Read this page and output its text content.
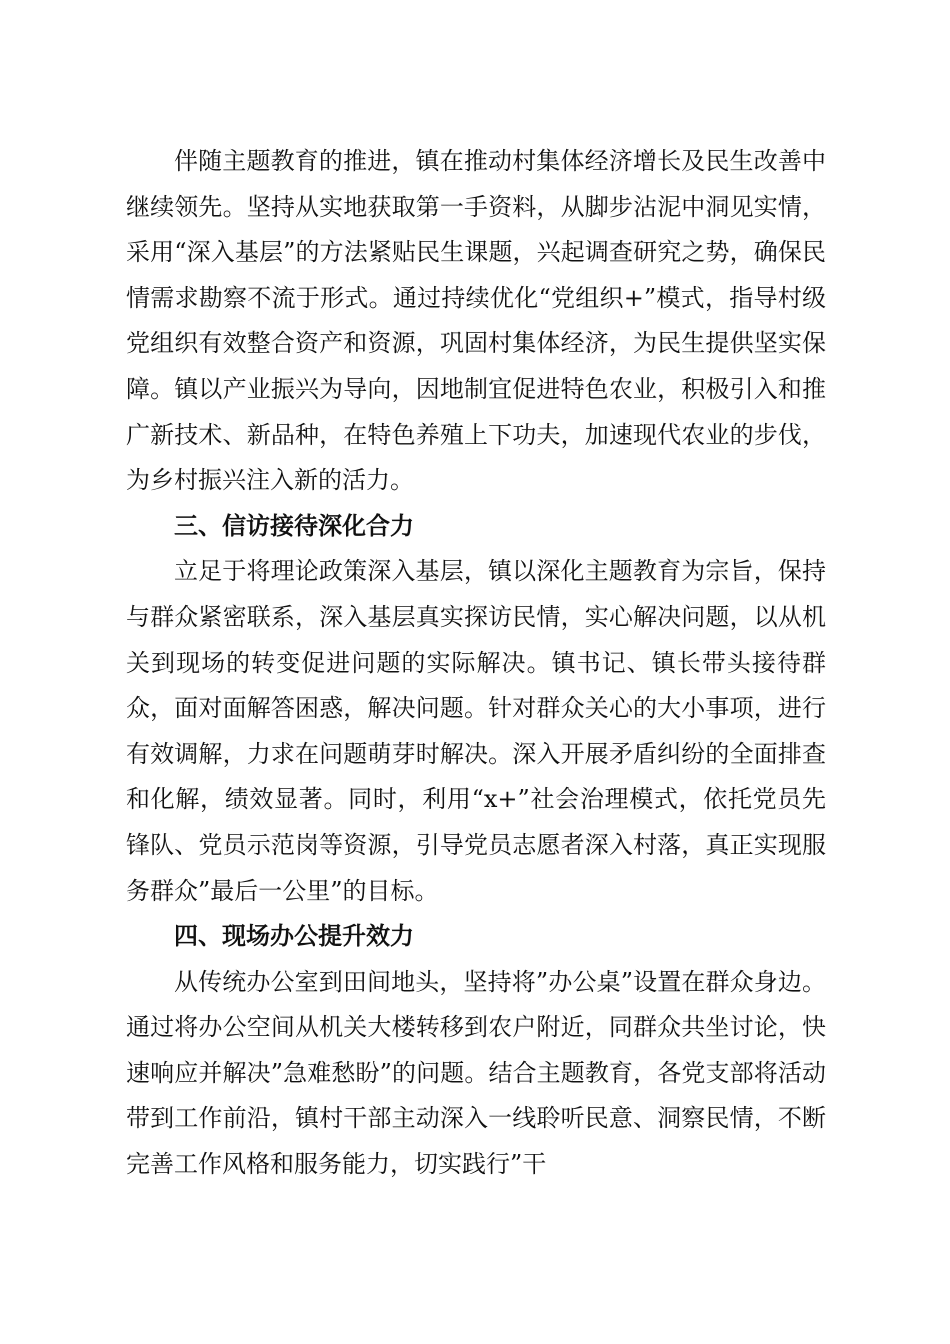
伴随主题教育的推进，镇在推动村集体经济增长及民生改善中继续领先。坚持从实地获取第一手资料，从脚步沾泥中洞见实情，采用“深入基层”的方法紧贴民生课题，兴起调查研究之势，确保民情需求勘察不流于形式。通过持续优化“党组织+”模式，指导村级党组织有效整合资产和资源，巩固村集体经济，为民生提供坚实保障。镇以产业振兴为导向，因地制宜促进特色农业，积极引入和推广新技术、新品种，在特色养殖上下功夫，加速现代农业的步伐，为乡村振兴注入新的活力。

三、信访接待深化合力

立足于将理论政策深入基层，镇以深化主题教育为宗旨，保持与群众紧密联系，深入基层真实探访民情，实心解决问题，以从机关到现场的转变促进问题的实际解决。镇书记、镇长带头接待群众，面对面解答困惑，解决问题。针对群众关心的大小事项，进行有效调解，力求在问题萌芽时解决。深入开展矛盾纠纷的全面排查和化解，绩效显著。同时，利用“x+”社会治理模式，依托党员先锋队、党员示范岗等资源，引导党员志愿者深入村落，真正实现服务群众”最后一公里”的目标。

四、现场办公提升效力

从传统办公室到田间地头，坚持将”办公桌”设置在群众身边。通过将办公空间从机关大楼转移到农户附近，同群众共坐讨论，快速响应并解决”急难愁盼”的问题。结合主题教育，各党支部将活动带到工作前沿，镇村干部主动深入一线聆听民意、洞察民情，不断完善工作风格和服务能力，切实践行”干
